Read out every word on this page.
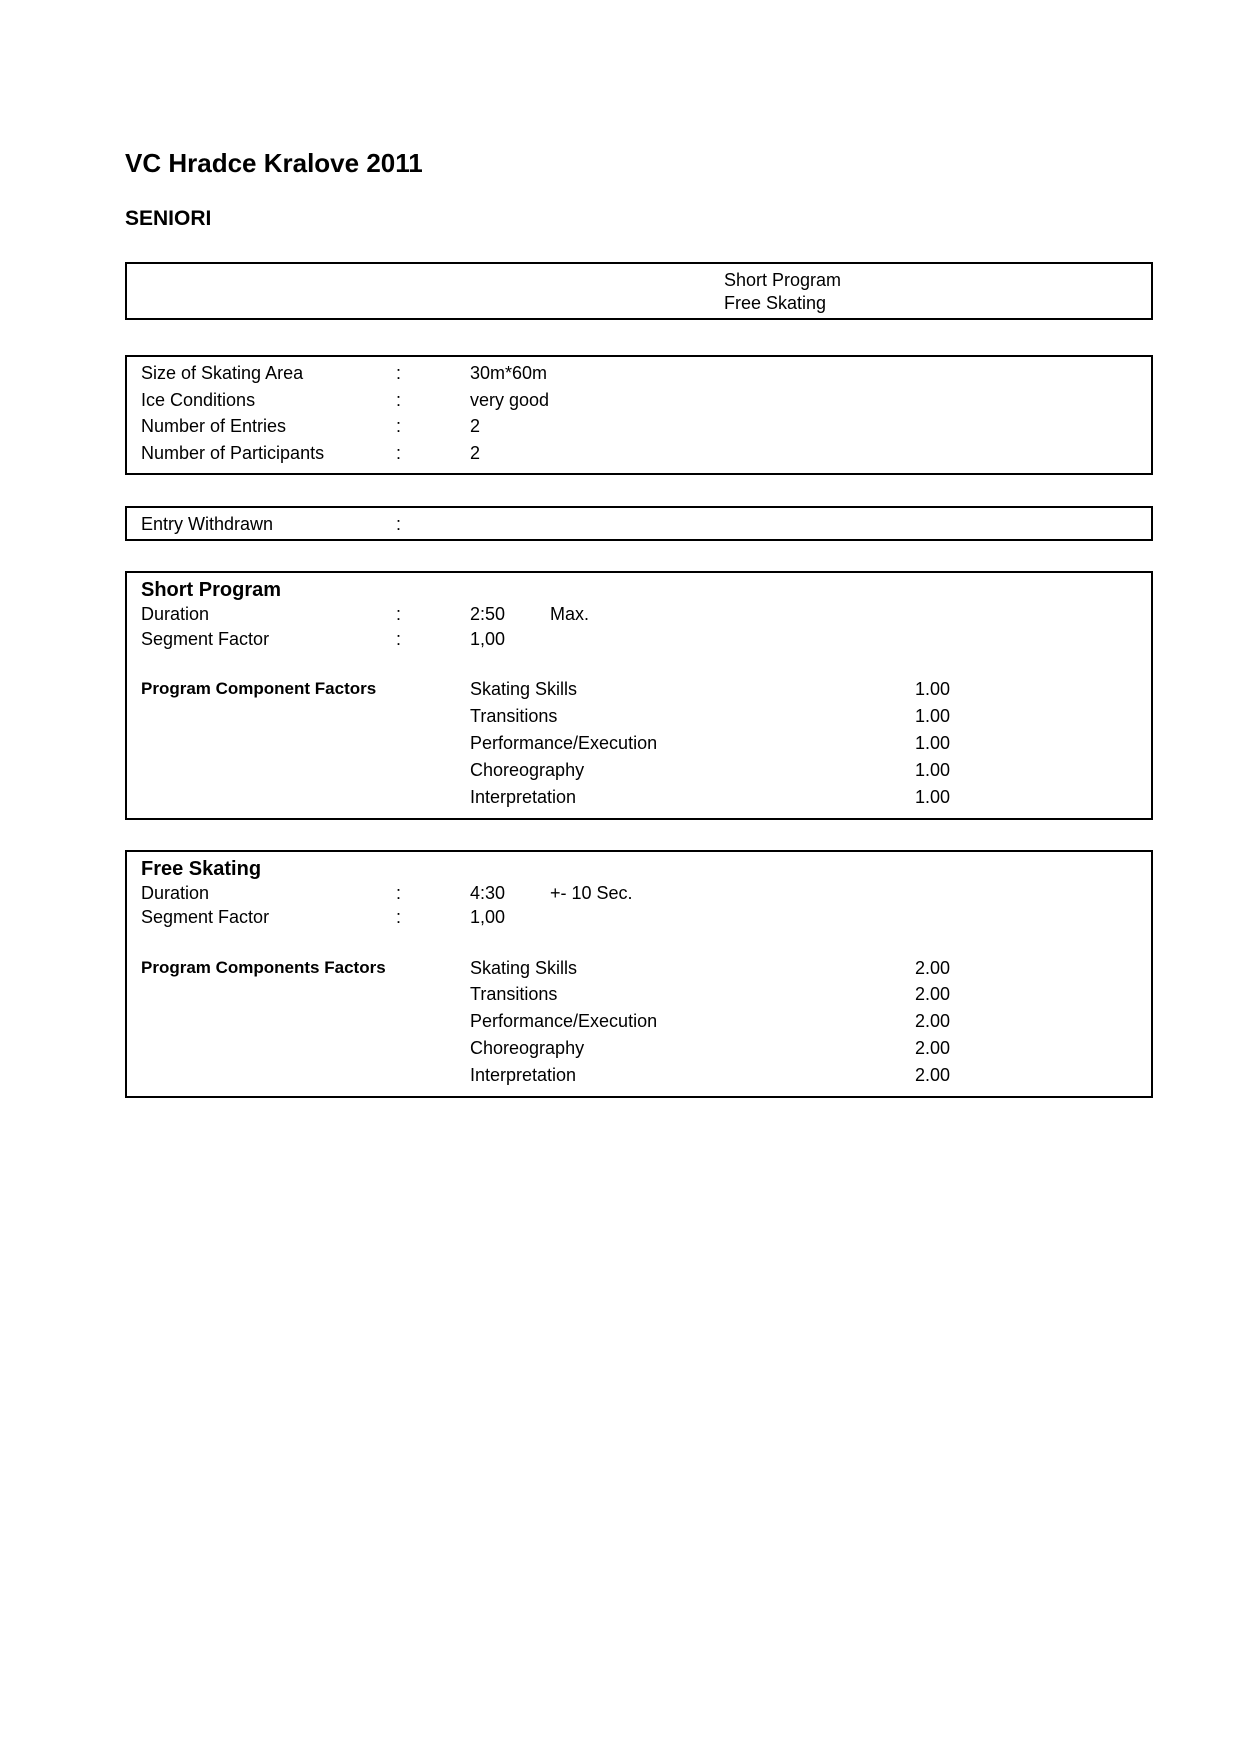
VC Hradce Kralove 2011
SENIORI
Short Program
Free Skating
Size of Skating Area	:	30m*60m
Ice Conditions	:	very good
Number of Entries	:	2
Number of Participants	:	2
Entry Withdrawn	:
Short Program
Duration	:	2:50 Max.
Segment Factor	:	1,00
Program Component Factors	Skating Skills	1.00
Transitions	1.00
Performance/Execution	1.00
Choreography	1.00
Interpretation	1.00
Free Skating
Duration	:	4:30 +- 10 Sec.
Segment Factor	:	1,00
Program Components Factors	Skating Skills	2.00
Transitions	2.00
Performance/Execution	2.00
Choreography	2.00
Interpretation	2.00
